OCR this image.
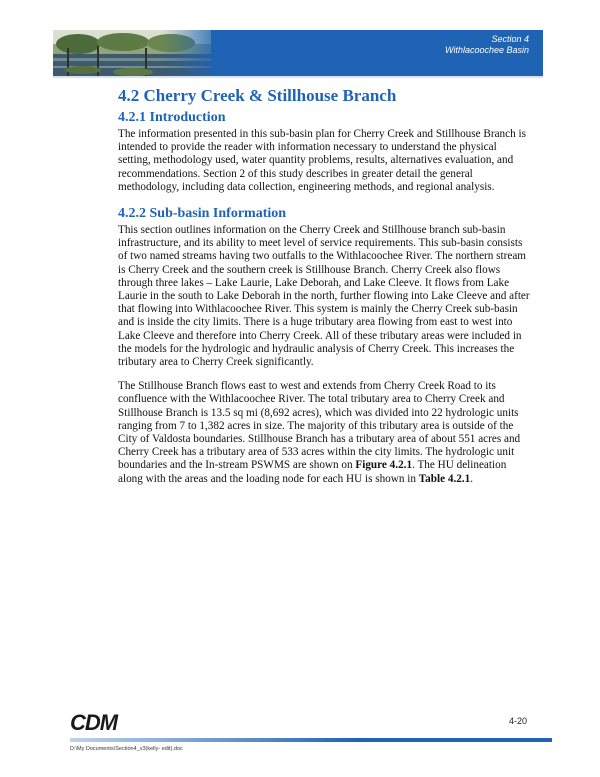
Section 4
Withlacoochee Basin
4.2 Cherry Creek & Stillhouse Branch
4.2.1 Introduction

The information presented in this sub-basin plan for Cherry Creek and Stillhouse Branch is intended to provide the reader with information necessary to understand the physical setting, methodology used, water quantity problems, results, alternatives evaluation, and recommendations. Section 2 of this study describes in greater detail the general methodology, including data collection, engineering methods, and regional analysis.

4.2.2 Sub-basin Information

This section outlines information on the Cherry Creek and Stillhouse branch sub-basin infrastructure, and its ability to meet level of service requirements. This sub-basin consists of two named streams having two outfalls to the Withlacoochee River. The northern stream is Cherry Creek and the southern creek is Stillhouse Branch. Cherry Creek also flows through three lakes – Lake Laurie, Lake Deborah, and Lake Cleeve. It flows from Lake Laurie in the south to Lake Deborah in the north, further flowing into Lake Cleeve and after that flowing into Withlacoochee River. This system is mainly the Cherry Creek sub-basin and is inside the city limits. There is a huge tributary area flowing from east to west into Lake Cleeve and therefore into Cherry Creek. All of these tributary areas were included in the models for the hydrologic and hydraulic analysis of Cherry Creek. This increases the tributary area to Cherry Creek significantly.

The Stillhouse Branch flows east to west and extends from Cherry Creek Road to its confluence with the Withlacoochee River. The total tributary area to Cherry Creek and Stillhouse Branch is 13.5 sq mi (8,692 acres), which was divided into 22 hydrologic units ranging from 7 to 1,382 acres in size. The majority of this tributary area is outside of the City of Valdosta boundaries. Stillhouse Branch has a tributary area of about 551 acres and Cherry Creek has a tributary area of 533 acres within the city limits. The hydrologic unit boundaries and the In-stream PSWMS are shown on Figure 4.2.1. The HU delineation along with the areas and the loading node for each HU is shown in Table 4.2.1.

CDM	4-20
D:\My Documents\Section4_v3(kelly- edit).doc
